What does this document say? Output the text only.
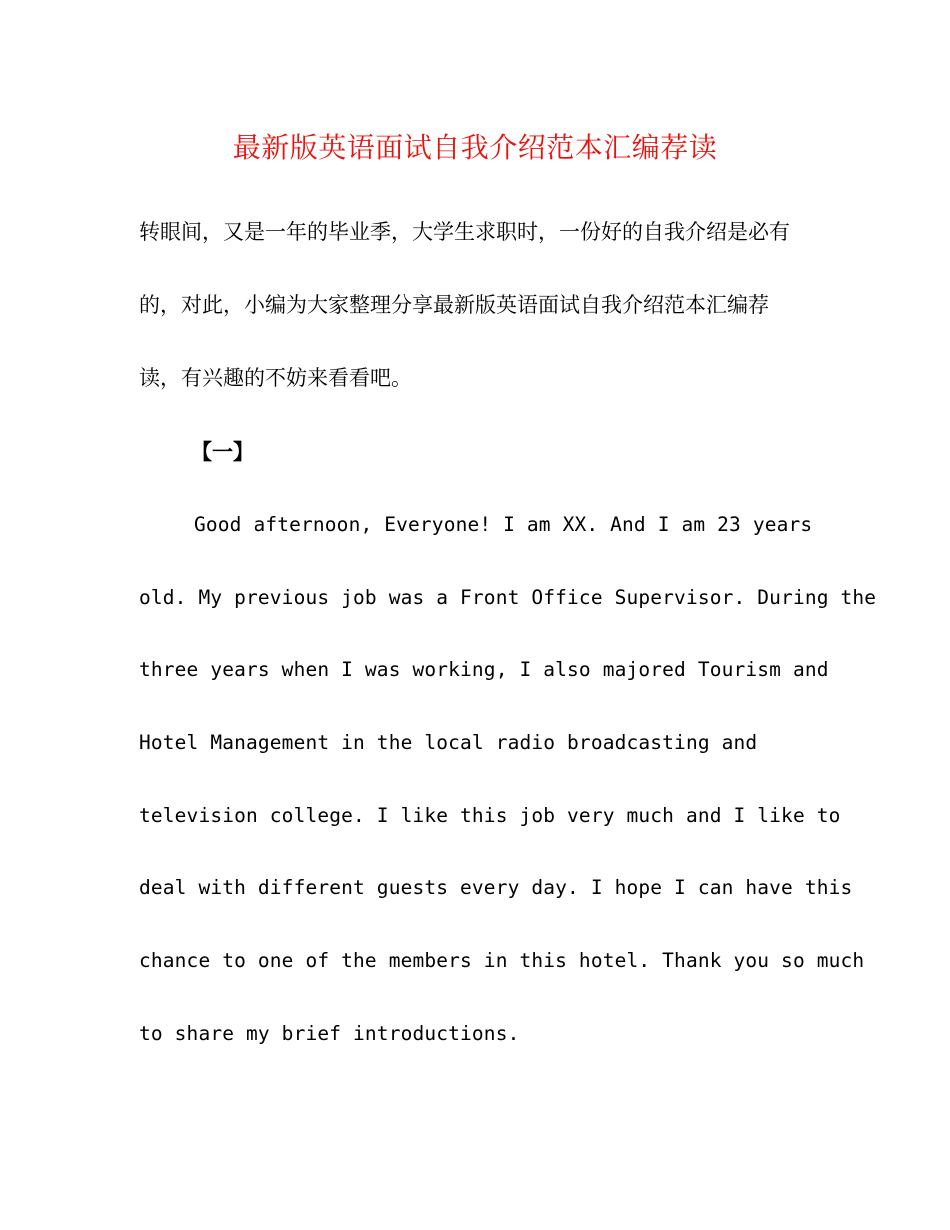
最新版英语面试自我介绍范本汇编荐读

转眼间，又是一年的毕业季，大学生求职时，一份好的自我介绍是必有

的，对此，小编为大家整理分享最新版英语面试自我介绍范本汇编荐

读，有兴趣的不妨来看看吧。

【一】

Good afternoon, Everyone! I am XX. And I am 23 years

old. My previous job was a Front Office Supervisor. During the

three years when I was working, I also majored Tourism and

Hotel Management in the local radio broadcasting and

television college. I like this job very much and I like to

deal with different guests every day. I hope I can have this

chance to one of the members in this hotel. Thank you so much

to share my brief introductions.
